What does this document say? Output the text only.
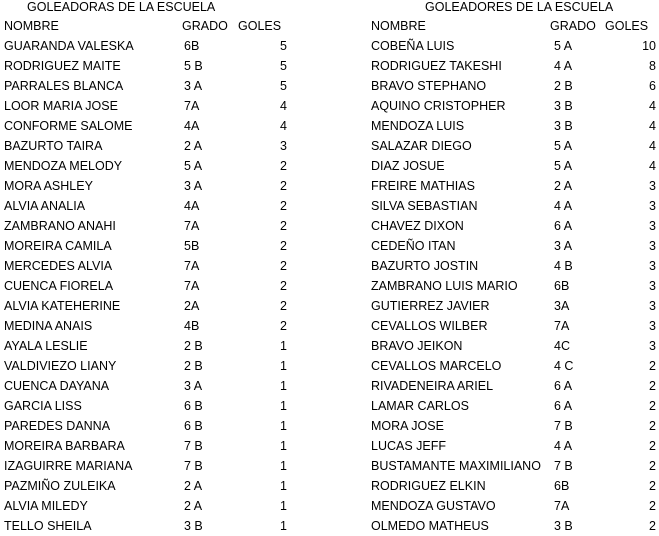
GOLEADORAS DE LA ESCUELA
NOMBRE	GRADO GOLES
GUARANDA VALESKA	6B	5
RODRIGUEZ MAITE	5 B	5
PARRALES BLANCA	3 A	5
LOOR MARIA JOSE	7A	4
CONFORME SALOME	4A	4
BAZURTO TAIRA	2 A	3
MENDOZA MELODY	5 A	2
MORA ASHLEY	3 A	2
ALVIA ANALIA	4A	2
ZAMBRANO ANAHI	7A	2
MOREIRA CAMILA	5B	2
MERCEDES ALVIA	7A	2
CUENCA FIORELA	7A	2
ALVIA KATEHERINE	2A	2
MEDINA ANAIS	4B	2
AYALA LESLIE	2 B	1
VALDIVIEZO LIANY	2 B	1
CUENCA DAYANA	3 A	1
GARCIA LISS	6 B	1
PAREDES DANNA	6 B	1
MOREIRA BARBARA	7 B	1
IZAGUIRRE MARIANA	7 B	1
PAZMIÑO ZULEIKA	2 A	1
ALVIA MILEDY	2 A	1
TELLO SHEILA	3 B	1
GOLEADORES DE LA ESCUELA
NOMBRE	GRADO GOLES
COBEÑA LUIS	5 A	10
RODRIGUEZ TAKESHI	4 A	8
BRAVO STEPHANO	2 B	6
AQUINO CRISTOPHER	3 B	4
MENDOZA LUIS	3 B	4
SALAZAR DIEGO	5 A	4
DIAZ JOSUE	5 A	4
FREIRE MATHIAS	2 A	3
SILVA SEBASTIAN	4 A	3
CHAVEZ DIXON	6 A	3
CEDEÑO ITAN	3 A	3
BAZURTO JOSTIN	4 B	3
ZAMBRANO LUIS MARIO	6B	3
GUTIERREZ JAVIER	3A	3
CEVALLOS WILBER	7A	3
BRAVO JEIKON	4C	3
CEVALLOS MARCELO	4 C	2
RIVADENEIRA ARIEL	6 A	2
LAMAR CARLOS	6 A	2
MORA JOSE	7 B	2
LUCAS JEFF	4 A	2
BUSTAMANTE MAXIMILIANO 7 B	2
RODRIGUEZ ELKIN	6B	2
MENDOZA GUSTAVO	7A	2
OLMEDO MATHEUS	3 B	2
